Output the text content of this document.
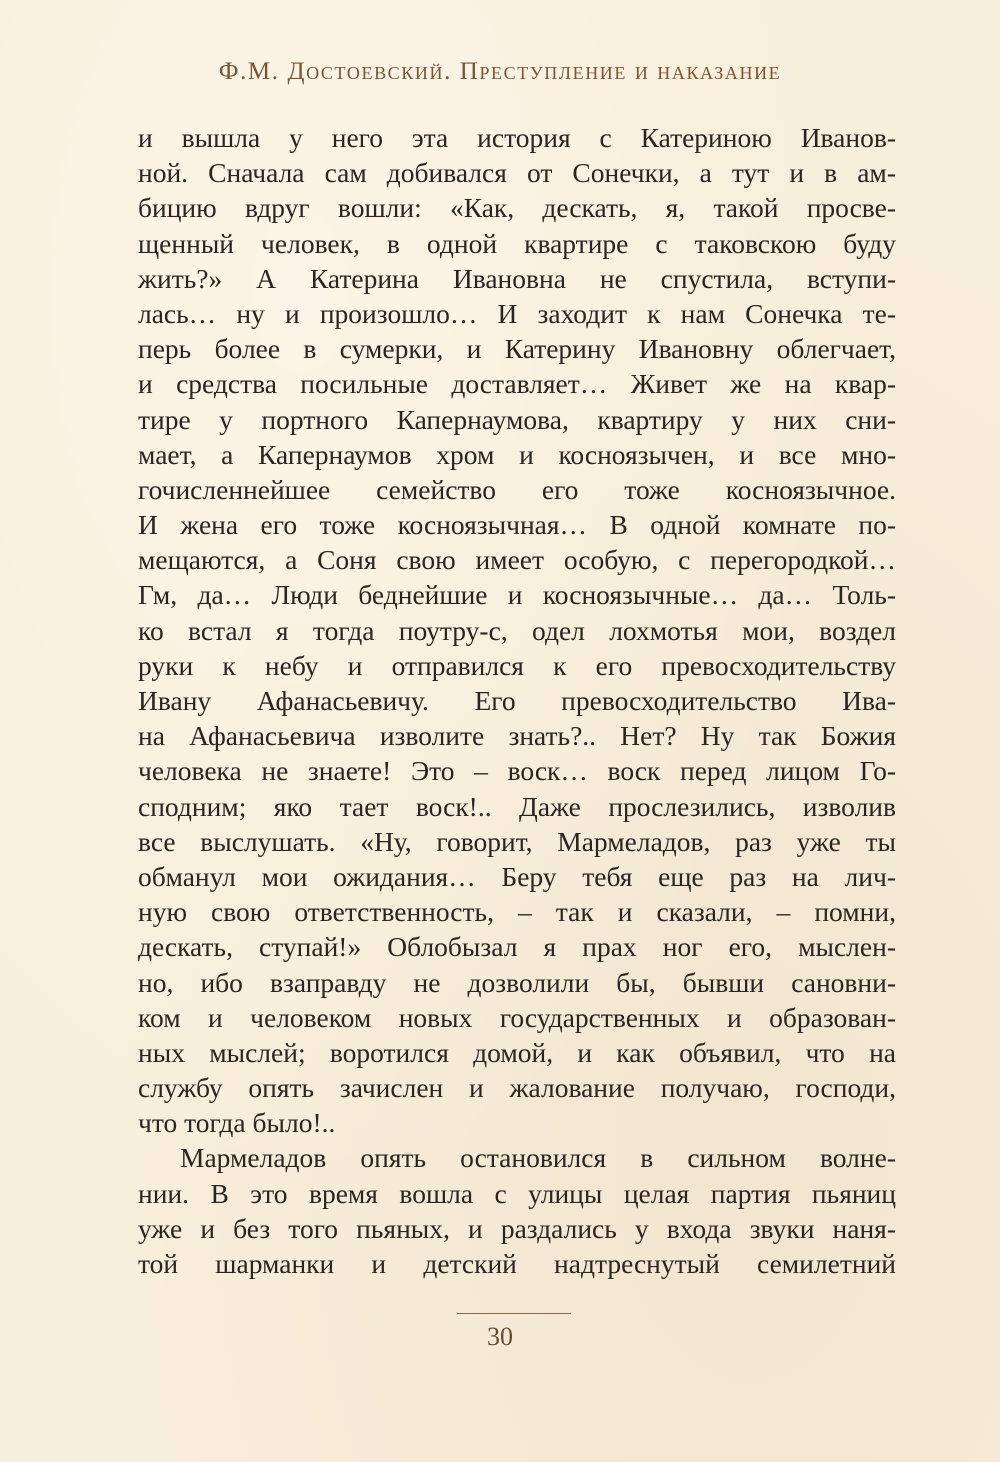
Ф.М. Достоевский. Преступление и наказание
и вышла у него эта история с Катериною Иванов-
ной. Сначала сам добивался от Сонечки, а тут и в ам-
бицию вдруг вошли: «Как, дескать, я, такой просве-
щенный человек, в одной квартире с таковскою буду
жить?» А Катерина Ивановна не спустила, вступи-
лась… ну и произошло… И заходит к нам Сонечка те-
перь более в сумерки, и Катерину Ивановну облегчает,
и средства посильные доставляет… Живет же на квар-
тире у портного Капернаумова, квартиру у них сни-
мает, а Капернаумов хром и косноязычен, и все мно-
гочисленнейшее семейство его тоже косноязычное.
И жена его тоже косноязычная… В одной комнате по-
мещаются, а Соня свою имеет особую, с перегородкой…
Гм, да… Люди беднейшие и косноязычные… да… Толь-
ко встал я тогда поутру-с, одел лохмотья мои, воздел
руки к небу и отправился к его превосходительству
Ивану Афанасьевичу. Его превосходительство Ива-
на Афанасьевича изволите знать?.. Нет? Ну так Божия
человека не знаете! Это – воск… воск перед лицом Го-
сподним; яко тает воск!.. Даже прослезились, изволив
все выслушать. «Ну, говорит, Мармеладов, раз уже ты
обманул мои ожидания… Беру тебя еще раз на лич-
ную свою ответственность, – так и сказали, – помни,
дескать, ступай!» Облобызал я прах ног его, мыслен-
но, ибо взаправду не дозволили бы, бывши сановни-
ком и человеком новых государственных и образован-
ных мыслей; воротился домой, и как объявил, что на
службу опять зачислен и жалование получаю, господи,
что тогда было!..
Мармеладов опять остановился в сильном волне-
нии. В это время вошла с улицы целая партия пьяниц
уже и без того пьяных, и раздались у входа звуки наня-
той шарманки и детский надтреснутый семилетний
30
